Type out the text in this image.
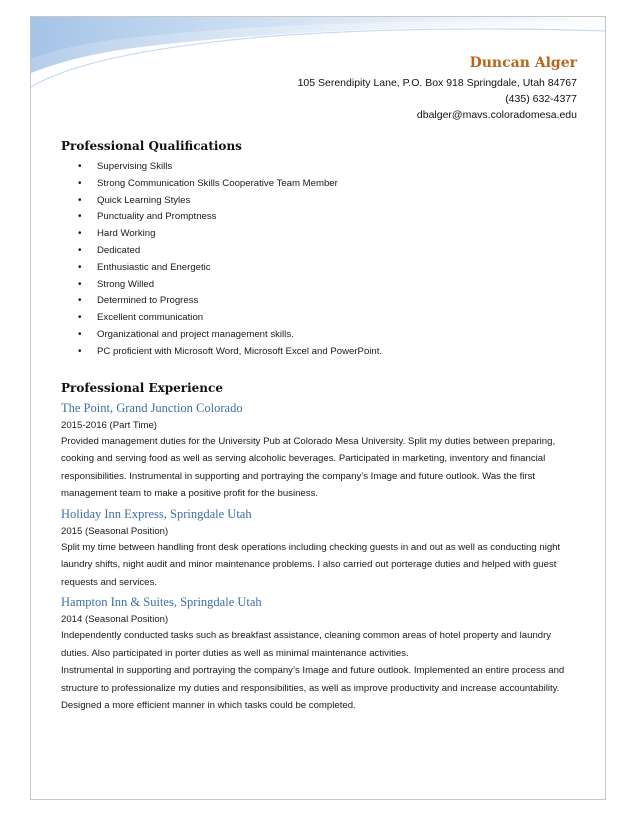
Duncan Alger
105 Serendipity Lane, P.O. Box 918 Springdale, Utah 84767
(435) 632-4377
dbalger@mavs.coloradomesa.edu
Professional Qualifications
• Supervising Skills
• Strong Communication Skills Cooperative Team Member
• Quick Learning Styles
• Punctuality and Promptness
• Hard Working
• Dedicated
• Enthusiastic and Energetic
• Strong Willed
• Determined to Progress
• Excellent communication
• Organizational and project management skills.
• PC proficient with Microsoft Word, Microsoft Excel and PowerPoint.
Professional Experience
The Point, Grand Junction Colorado
2015-2016 (Part Time)

Provided management duties for the University Pub at Colorado Mesa University. Split my duties between preparing, cooking and serving food as well as serving alcoholic beverages. Participated in marketing, inventory and financial responsibilities. Instrumental in supporting and portraying the company’s Image and future outlook. Was the first management team to make a positive profit for the business.

Holiday Inn Express, Springdale Utah
2015 (Seasonal Position)

Split my time between handling front desk operations including checking guests in and out as well as conducting night laundry shifts, night audit and minor maintenance problems. I also carried out porterage duties and helped with guest requests and services.

Hampton Inn & Suites, Springdale Utah
2014 (Seasonal Position)

Independently conducted tasks such as breakfast assistance, cleaning common areas of hotel property and laundry duties. Also participated in porter duties as well as minimal maintenance activities.

Instrumental in supporting and portraying the company’s Image and future outlook. Implemented an entire process and structure to professionalize my duties and responsibilities, as well as improve productivity and increase accountability. Designed a more efficient manner in which tasks could be completed.
